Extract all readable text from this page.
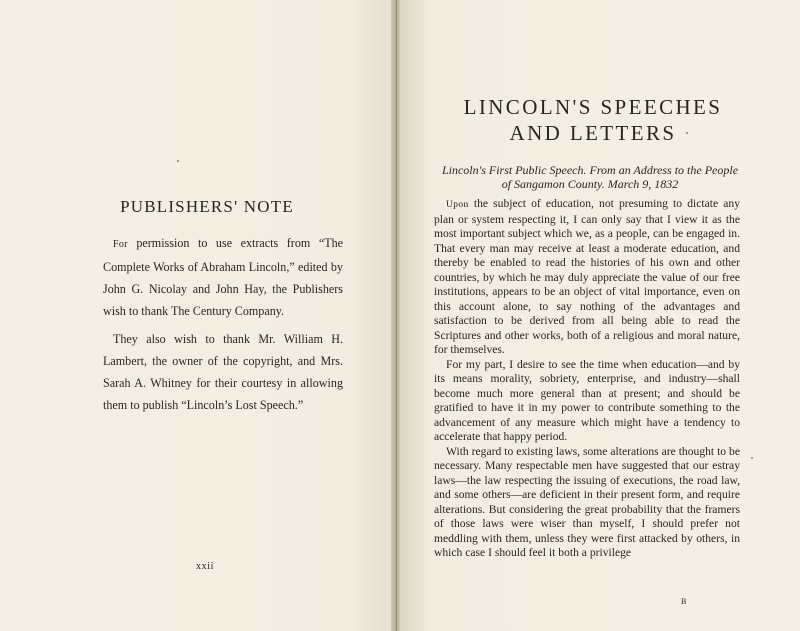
PUBLISHERS' NOTE

For permission to use extracts from “The Complete Works of Abraham Lincoln,” edited by John G. Nicolay and John Hay, the Publishers wish to thank The Century Company.

They also wish to thank Mr. William H. Lambert, the owner of the copyright, and Mrs. Sarah A. Whitney for their courtesy in allowing them to publish “Lincoln’s Lost Speech.”

xxii
LINCOLN'S SPEECHES
AND LETTERS
Lincoln's First Public Speech. From an Address to the People of Sangamon County. March 9, 1832

Upon the subject of education, not presuming to dictate any plan or system respecting it, I can only say that I view it as the most important subject which we, as a people, can be engaged in. That every man may receive at least a moderate education, and thereby be enabled to read the histories of his own and other countries, by which he may duly appreciate the value of our free institutions, appears to be an object of vital importance, even on this account alone, to say nothing of the advantages and satisfaction to be derived from all being able to read the Scriptures and other works, both of a religious and moral nature, for themselves.

For my part, I desire to see the time when education—and by its means morality, sobriety, enterprise, and industry—shall become much more general than at present; and should be gratified to have it in my power to contribute something to the advancement of any measure which might have a tendency to accelerate that happy period.

With regard to existing laws, some alterations are thought to be necessary. Many respectable men have suggested that our estray laws—the law respecting the issuing of executions, the road law, and some others—are deficient in their present form, and require alterations. But considering the great probability that the framers of those laws were wiser than myself, I should prefer not meddling with them, unless they were first attacked by others, in which case I should feel it both a privilege

B
